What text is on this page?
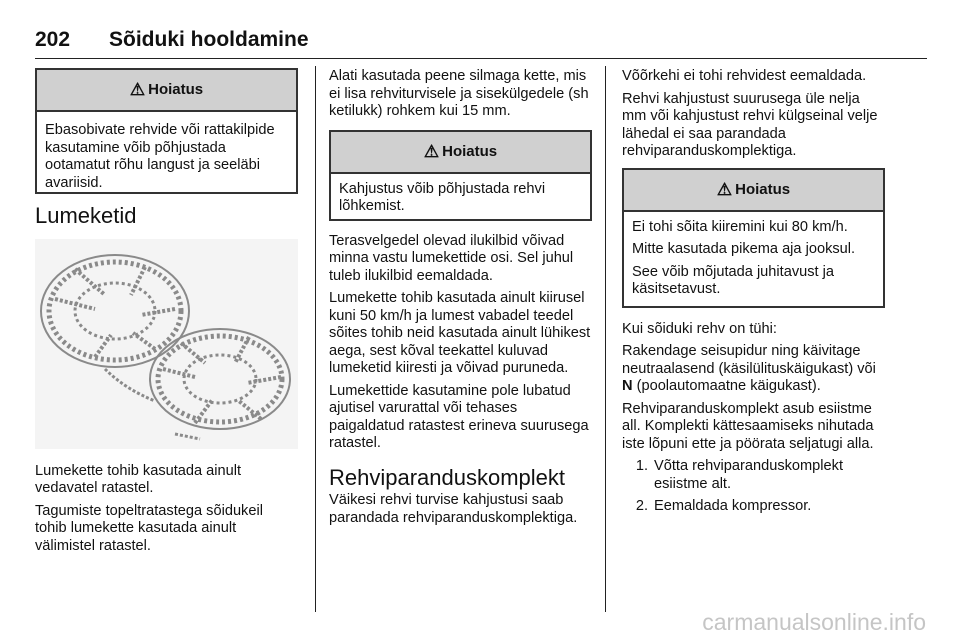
202 Sõiduki hooldamine
⚠ Hoiatus
Ebasobivate rehvide või rattakilpide kasutamine võib põhjustada ootamatut rõhu langust ja seeläbi avariisid.
Lumeketid

Lumekette tohib kasutada ainult vedavatel ratastel.

Tagumiste topeltratastega sõidukeil tohib lumekette kasutada ainult välimistel ratastel.

Alati kasutada peene silmaga kette, mis ei lisa rehviturvisele ja sisekülgedele (sh ketilukk) rohkem kui 15 mm.

⚠ Hoiatus
Kahjustus võib põhjustada rehvi lõhkemist.

Terasvelgedel olevad ilukilbid võivad minna vastu lumekettide osi. Sel juhul tuleb ilukilbid eemaldada.

Lumekette tohib kasutada ainult kiirusel kuni 50 km/h ja lumest vabadel teedel sõites tohib neid kasutada ainult lühikest aega, sest kõval teekattel kuluvad lumeketid kiiresti ja võivad puruneda.

Lumekettide kasutamine pole lubatud ajutisel varurattal või tehases paigaldatud ratastest erineva suurusega ratastel.

Rehviparanduskomplekt

Väikesi rehvi turvise kahjustusi saab parandada rehviparanduskomplektiga.

Võõrkehi ei tohi rehvidest eemaldada.

Rehvi kahjustust suurusega üle nelja mm või kahjustust rehvi külgseinal velje lähedal ei saa parandada rehviparanduskomplektiga.

⚠ Hoiatus

Ei tohi sõita kiiremini kui 80 km/h.

Mitte kasutada pikema aja jooksul.

See võib mõjutada juhitavust ja käsitsetavust.

Kui sõiduki rehv on tühi:

Rakendage seisupidur ning käivitage neutraalasend (käsilülituskäigukast) või N (poolautomaatne käigukast).

Rehviparanduskomplekt asub esiistme all. Komplekti kättesaamiseks nihutada iste lõpuni ette ja pöörata seljatugi alla.

1. Võtta rehviparanduskomplekt esiistme alt.
2. Eemaldada kompressor.
carmanualsonline.info
